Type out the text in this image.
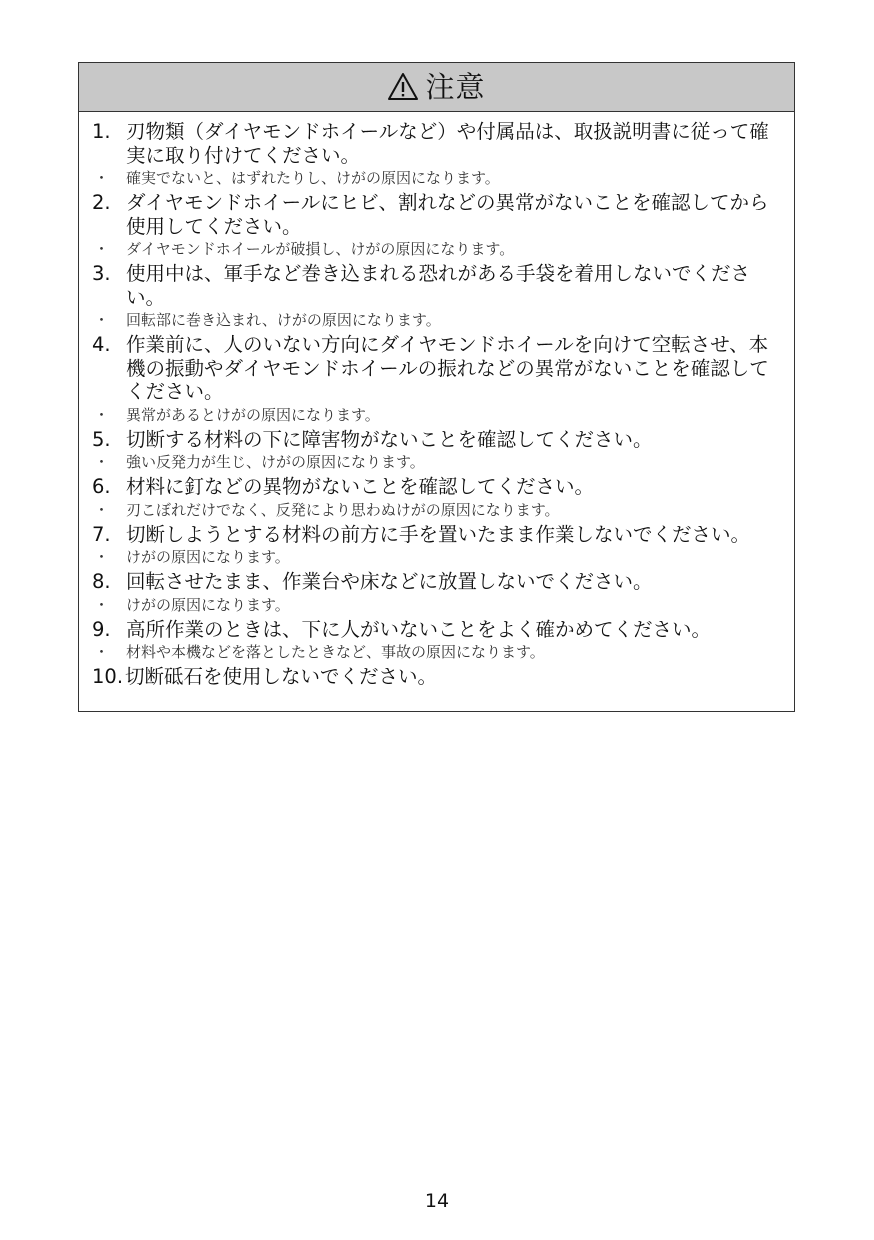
注意
1. 刃物類（ダイヤモンドホイールなど）や付属品は、取扱説明書に従って確実に取り付けてください。
・	確実でないと、はずれたりし、けがの原因になります。
2. ダイヤモンドホイールにヒビ、割れなどの異常がないことを確認してから使用してください。
・	ダイヤモンドホイールが破損し、けがの原因になります。
3. 使用中は、軍手など巻き込まれる恐れがある手袋を着用しないでください。
・	回転部に巻き込まれ、けがの原因になります。
4. 作業前に、人のいない方向にダイヤモンドホイールを向けて空転させ、本機の振動やダイヤモンドホイールの振れなどの異常がないことを確認してください。
・	異常があるとけがの原因になります。
5. 切断する材料の下に障害物がないことを確認してください。
・	強い反発力が生じ、けがの原因になります。
6. 材料に釘などの異物がないことを確認してください。
・	刃こぼれだけでなく、反発により思わぬけがの原因になります。
7. 切断しようとする材料の前方に手を置いたまま作業しないでください。
・	けがの原因になります。
8. 回転させたまま、作業台や床などに放置しないでください。
・	けがの原因になります。
9. 高所作業のときは、下に人がいないことをよく確かめてください。
・	材料や本機などを落としたときなど、事故の原因になります。
10. 切断砥石を使用しないでください。
14
